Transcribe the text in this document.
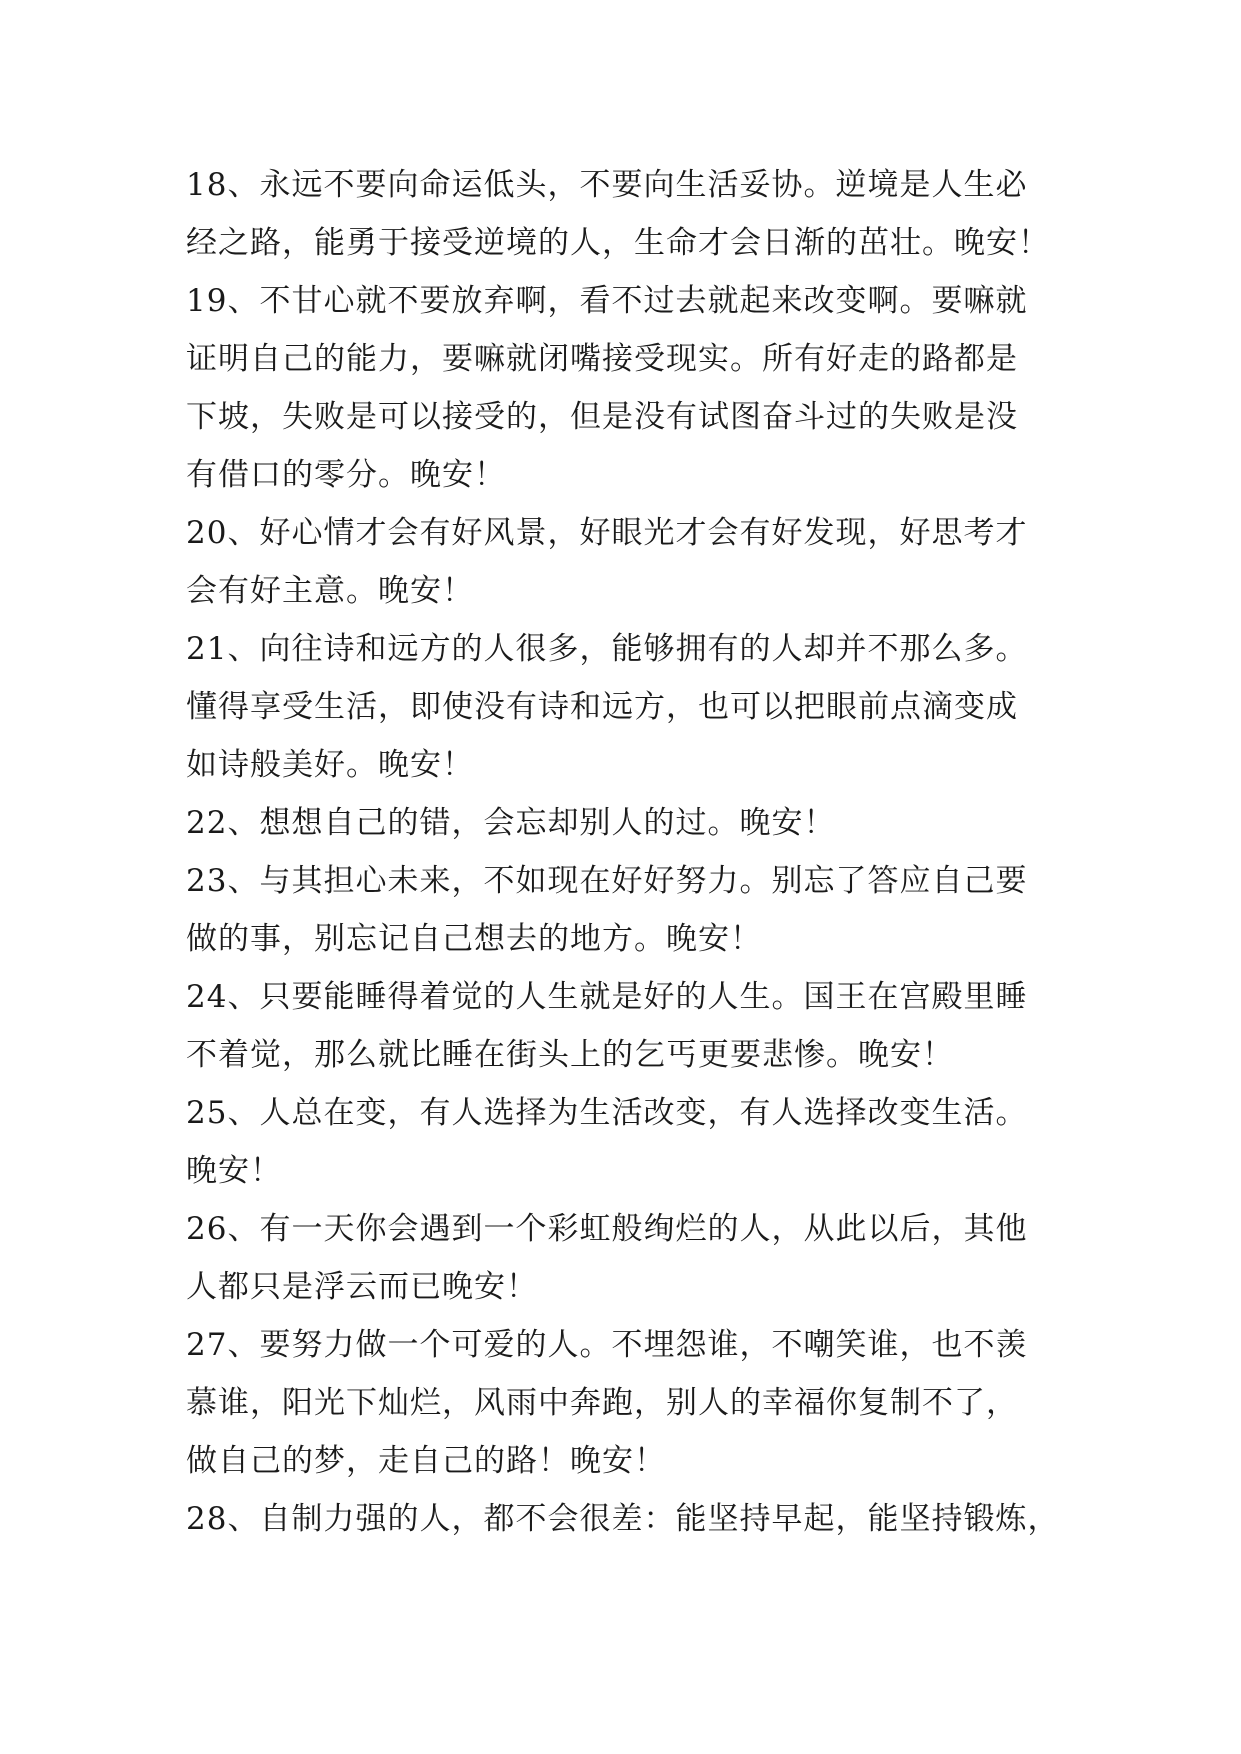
18、永远不要向命运低头，不要向生活妥协。逆境是人生必
经之路，能勇于接受逆境的人，生命才会日渐的茁壮。晚安！
19、不甘心就不要放弃啊，看不过去就起来改变啊。要嘛就
证明自己的能力，要嘛就闭嘴接受现实。所有好走的路都是
下坡，失败是可以接受的，但是没有试图奋斗过的失败是没
有借口的零分。晚安！
20、好心情才会有好风景，好眼光才会有好发现，好思考才
会有好主意。晚安！
21、向往诗和远方的人很多，能够拥有的人却并不那么多。
懂得享受生活，即使没有诗和远方，也可以把眼前点滴变成
如诗般美好。晚安！
22、想想自己的错，会忘却别人的过。晚安！
23、与其担心未来，不如现在好好努力。别忘了答应自己要
做的事，别忘记自己想去的地方。晚安！
24、只要能睡得着觉的人生就是好的人生。国王在宫殿里睡
不着觉，那么就比睡在街头上的乞丐更要悲惨。晚安！
25、人总在变，有人选择为生活改变，有人选择改变生活。
晚安！
26、有一天你会遇到一个彩虹般绚烂的人，从此以后，其他
人都只是浮云而已晚安！
27、要努力做一个可爱的人。不埋怨谁，不嘲笑谁，也不羡
慕谁，阳光下灿烂，风雨中奔跑，别人的幸福你复制不了，
做自己的梦，走自己的路！晚安！
28、自制力强的人，都不会很差：能坚持早起，能坚持锻炼，
